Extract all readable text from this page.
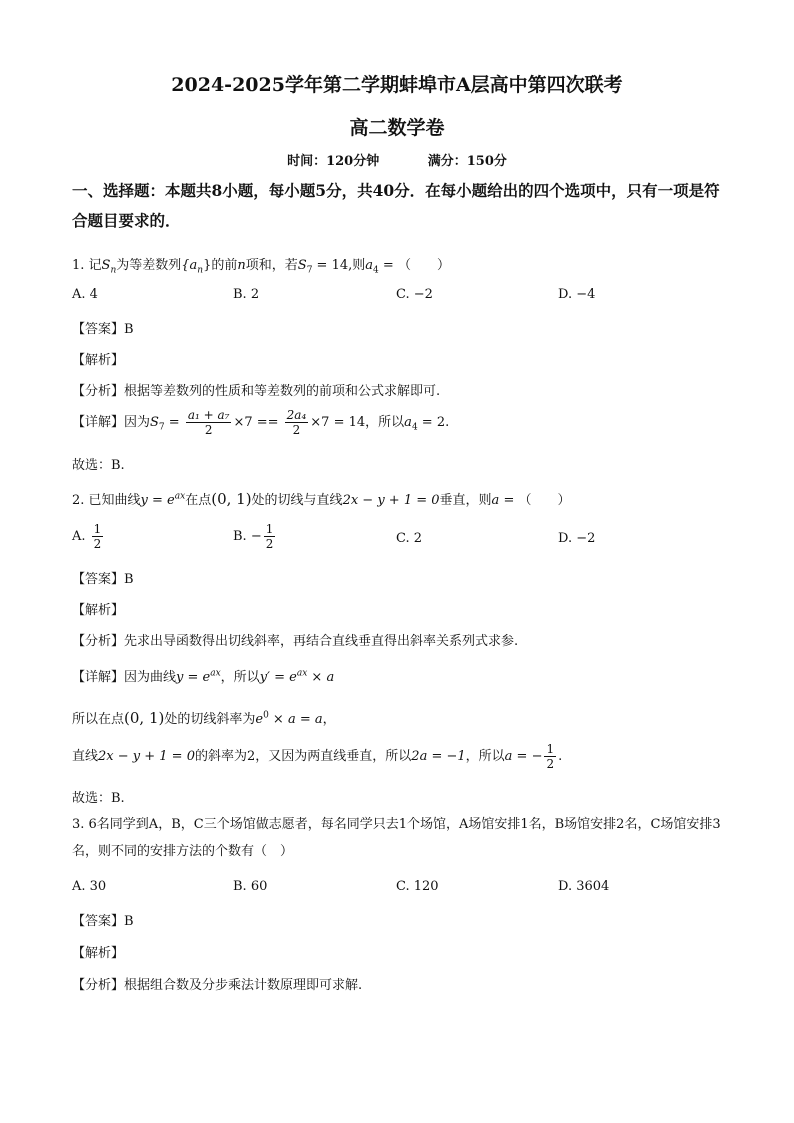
2024-2025学年第二学期蚌埠市A层高中第四次联考
高二数学卷
时间：120分钟	满分：150分
一、选择题：本题共8小题，每小题5分，共40分．在每小题给出的四个选项中，只有一项是符合题目要求的．
1. 记$S_n$为等差数列$\{a_n\}$的前n项和，若$S_7 = 14$,则$a_4$ = （　　）
A. 4	B. 2	C. −2	D. −4
【答案】B
【解析】
【分析】根据等差数列的性质和等差数列的前项和公式求解即可.
【详解】因为$S_7 = \frac{\text{a₁ + a₇}}{2} \times 7 == \frac{\text{2a₄}}{2} \times 7 = 14$，所以$a_4 = 2$.
故选：B.
2. 已知曲线$y = e^{ax}$在点(0, 1)处的切线与直线2x − y + 1 = 0垂直，则a = （　　）
A. $\frac{1}{2}$	B. − $\frac{1}{2}$	C. 2	D. −2
【答案】B
【解析】
【分析】先求出导函数得出切线斜率，再结合直线垂直得出斜率关系列式求参.
【详解】因为曲线$y = e^{ax}$，所以$y' = e^{ax} \times a$
所以在点(0, 1)处的切线斜率为$e^0 \times a = a$，
直线2x − y + 1 = 0的斜率为2，又因为两直线垂直，所以2a = −1，所以a = − $\frac{1}{2}$ .
故选：B.
3. 6名同学到A，B，C三个场馆做志愿者，每名同学只去1个场馆，A场馆安排1名，B场馆安排2名，C场馆安排3名，则不同的安排方法的个数有（　）
A. 30	B. 60	C. 120	D. 3604
【答案】B
【解析】
【分析】根据组合数及分步乘法计数原理即可求解.
